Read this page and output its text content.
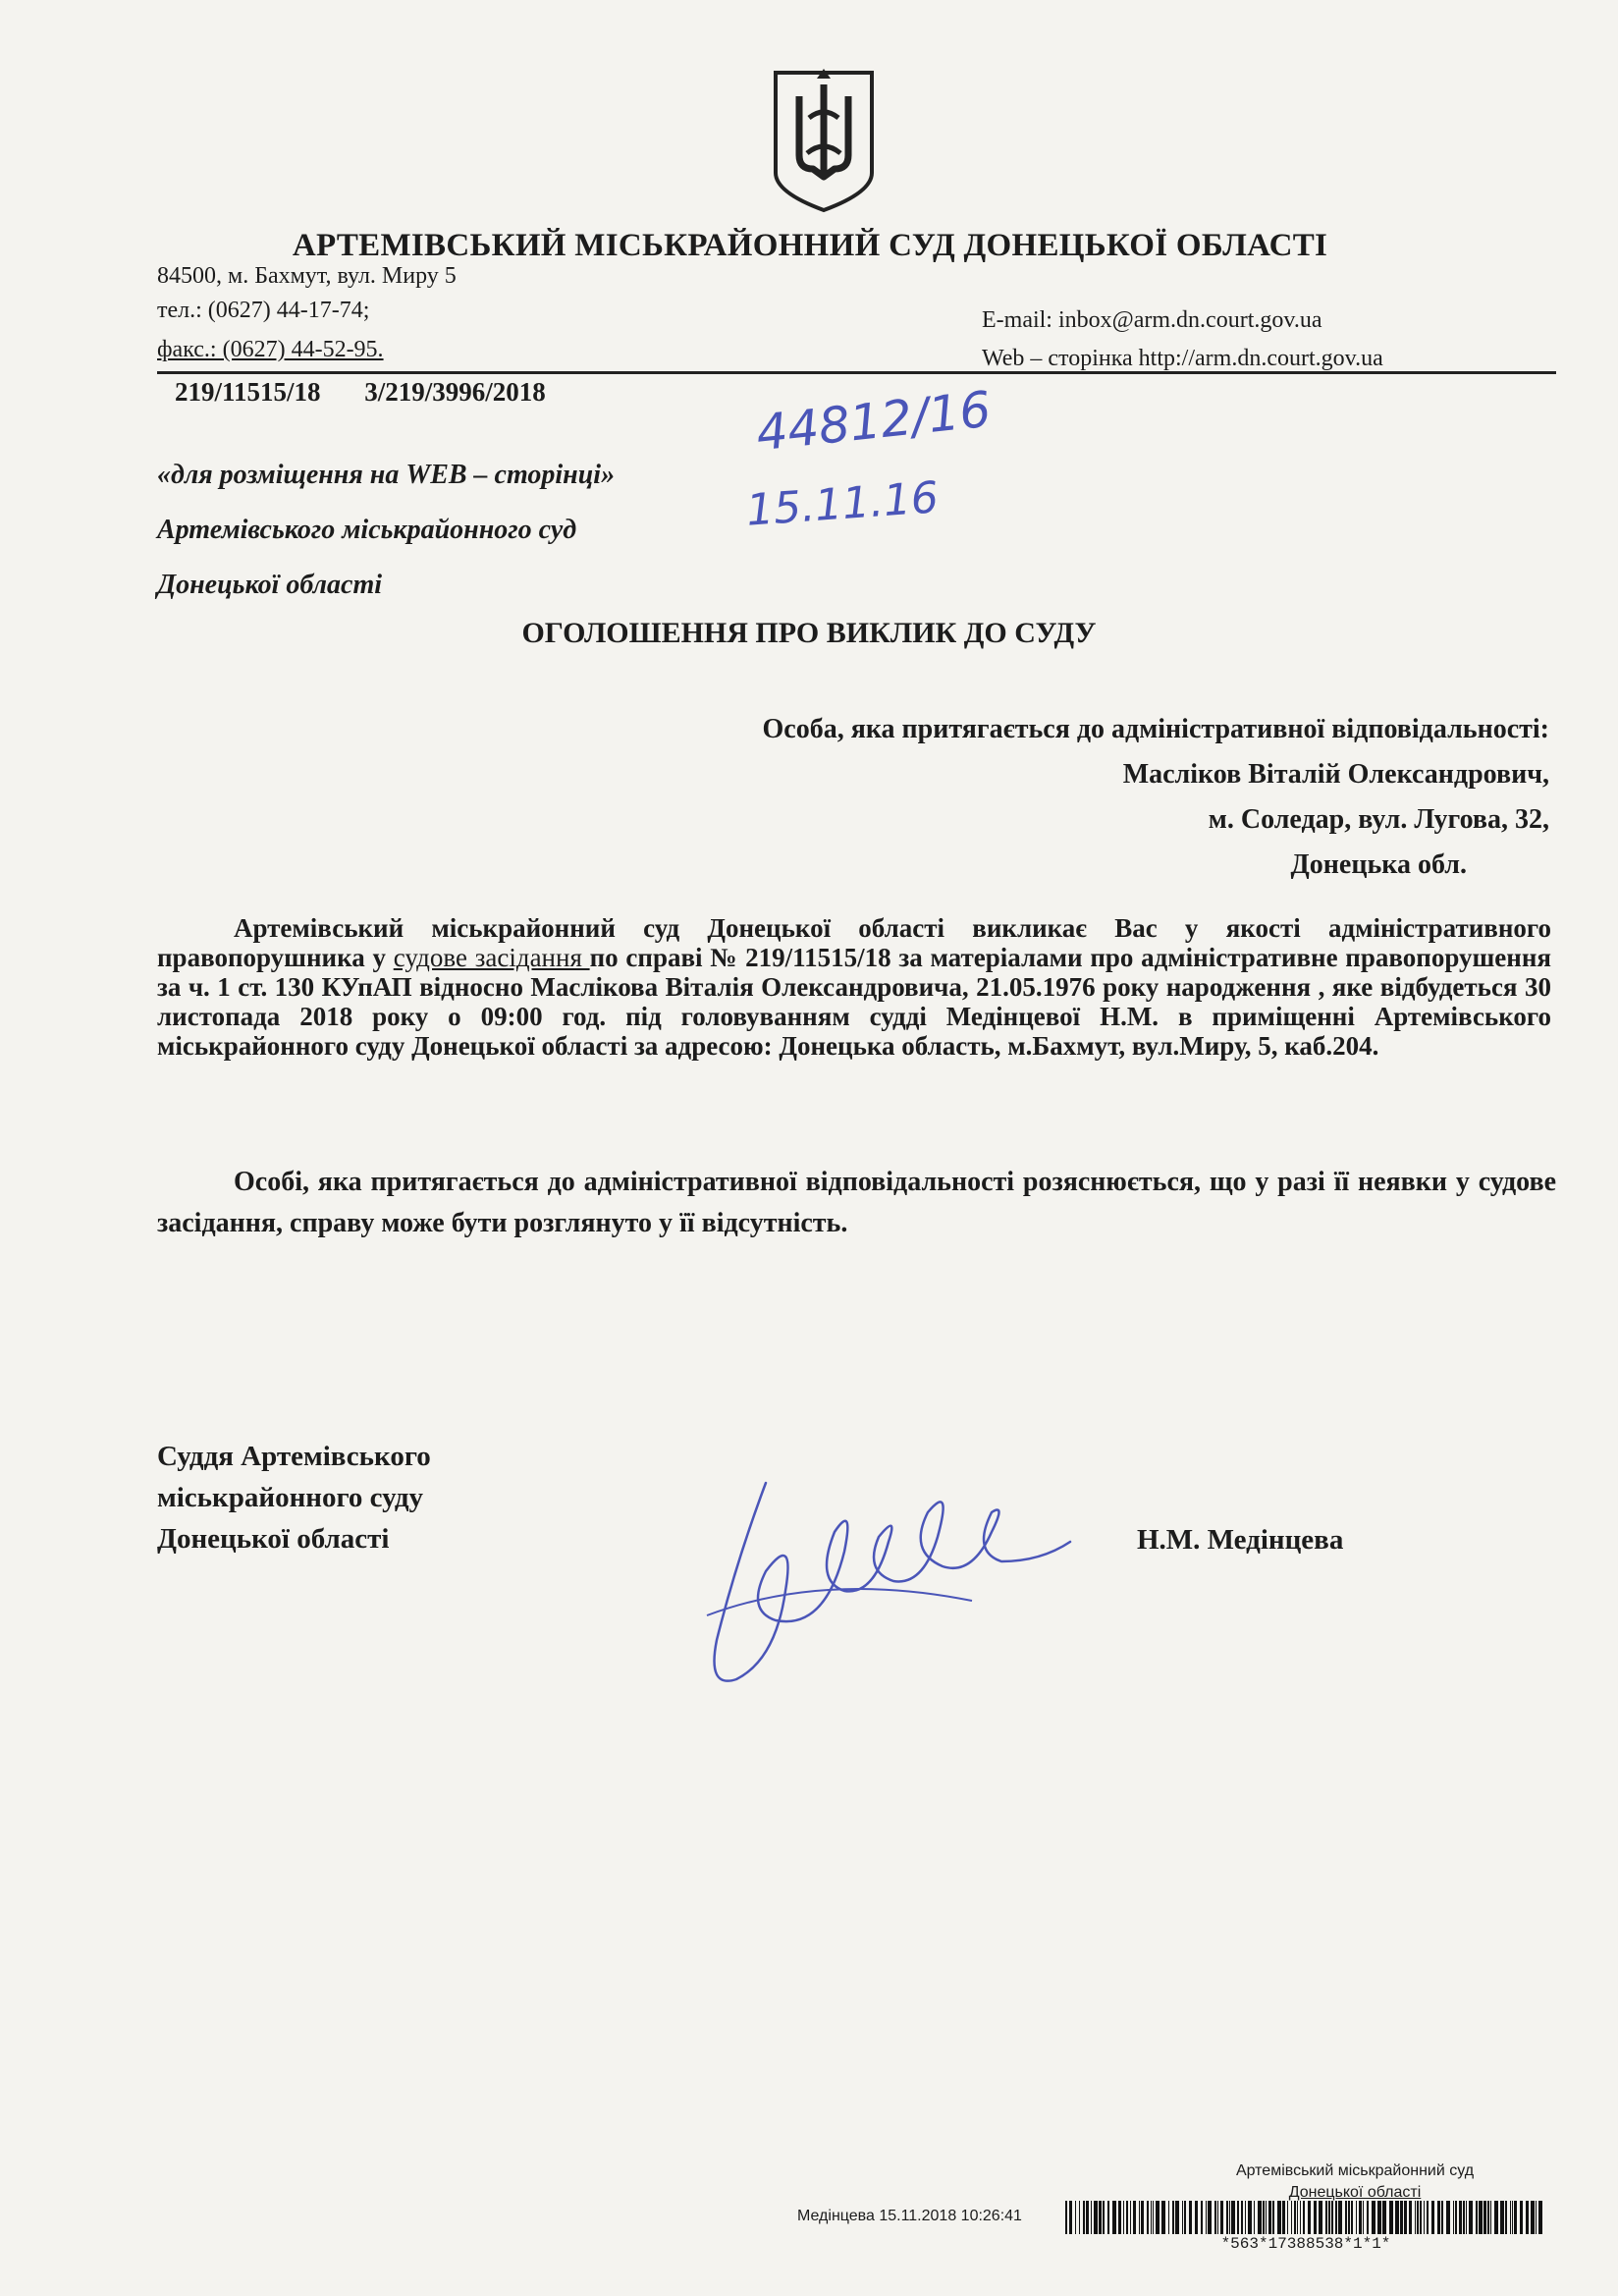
АРТЕМІВСЬКИЙ МІСЬКРАЙОННИЙ СУД ДОНЕЦЬКОЇ ОБЛАСТІ
84500, м. Бахмут, вул. Миру 5
тел.: (0627) 44-17-74;
факс.: (0627) 44-52-95.
E-mail: inbox@arm.dn.court.gov.ua
Web – сторінка http://arm.dn.court.gov.ua
219/11515/18 3/219/3996/2018	44812/16
15.11.16
«для розміщення на WEB – сторінці»
Артемівського міськрайонного суд
Донецької області
ОГОЛОШЕННЯ ПРО ВИКЛИК ДО СУДУ
Особа, яка притягається до адміністративної відповідальності:
Масліков Віталій Олександрович,
м. Соледар, вул. Лугова, 32,
Донецька обл.
Артемівський міськрайонний суд Донецької області викликає Вас у якості адміністративного правопорушника у судове засідання по справі № 219/11515/18 за матеріалами про адміністративне правопорушення за ч. 1 ст. 130 КУпАП відносно Маслікова Віталія Олександровича, 21.05.1976 року народження , яке відбудеться 30 листопада 2018 року о 09:00 год. під головуванням судді Медінцевої Н.М. в приміщенні Артемівського міськрайонного суду Донецької області за адресою: Донецька область, м.Бахмут, вул.Миру, 5, каб.204.
Особі, яка притягається до адміністративної відповідальності розяснюється, що у разі її неявки у судове засідання, справу може бути розглянуто у її відсутність.
Суддя Артемівського
міськрайонного суду
Донецької області	Н.М. Медінцева
Артемівський міськрайонний суд
Донецької області
Медінцева 15.11.2018 10:26:41
*563*17388538*1*1*
